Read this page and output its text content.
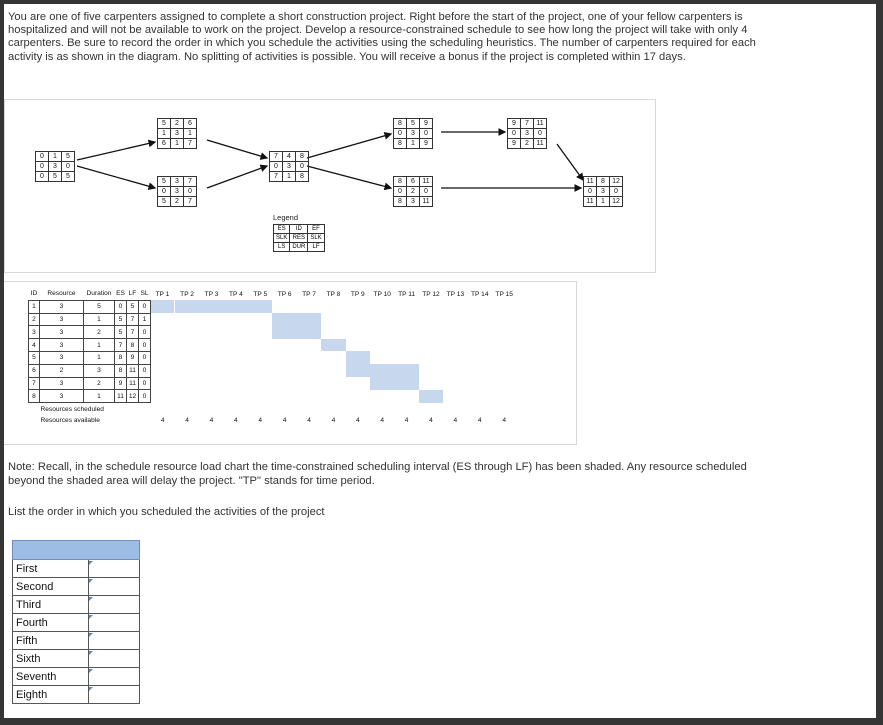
You are one of five carpenters assigned to complete a short construction project. Right before the start of the project, one of your fellow carpenters is hospitalized and will not be available to work on the project. Develop a resource-constrained schedule to see how long the project will take with only 4 carpenters. Be sure to record the order in which you schedule the activities using the scheduling heuristics. The number of carpenters required for each activity is as shown in the diagram. No splitting of activities is possible. You will receive a bonus if the project is completed within 17 days.
0	1	5
0	3	0
0	5	5
5	2	6
1	3	1
6	1	7
5	3	7
0	3	0
5	2	7
7	4	8
0	3	0
7	1	8
8	5	9
0	3	0
8	1	9
8	6	11
0	2	0
8	3	11
9	7	11
0	3	0
9	2	11
11	8	12
0	3	0
11	1	12
Legend
ES	ID	EF
SLK	RES	SLK
LS	DUR	LF
ID	Resource	Duration	ES	LF	SL	TP 1	TP 2	TP 3	TP 4	TP 5	TP 6	TP 7	TP 8	TP 9	TP 10	TP 11	TP 12	TP 13	TP 14	TP 15
1	3	5	0	5	0															
2	3	1	5	7	1															
3	3	2	5	7	0															
4	3	1	7	8	0															
5	3	1	8	9	0															
6	2	3	8	11	0															
7	3	2	9	11	0															
8	3	1	11	12	0															
Resources scheduled																				
Resources available						4	4	4	4	4	4	4	4	4	4	4	4	4	4	4
Note: Recall, in the schedule resource load chart the time-constrained scheduling interval (ES through LF) has been shaded. Any resource scheduled beyond the shaded area will delay the project. "TP" stands for time period.
List the order in which you scheduled the activities of the project

First	
Second	
Third	
Fourth	
Fifth	
Sixth	
Seventh	
Eighth	
